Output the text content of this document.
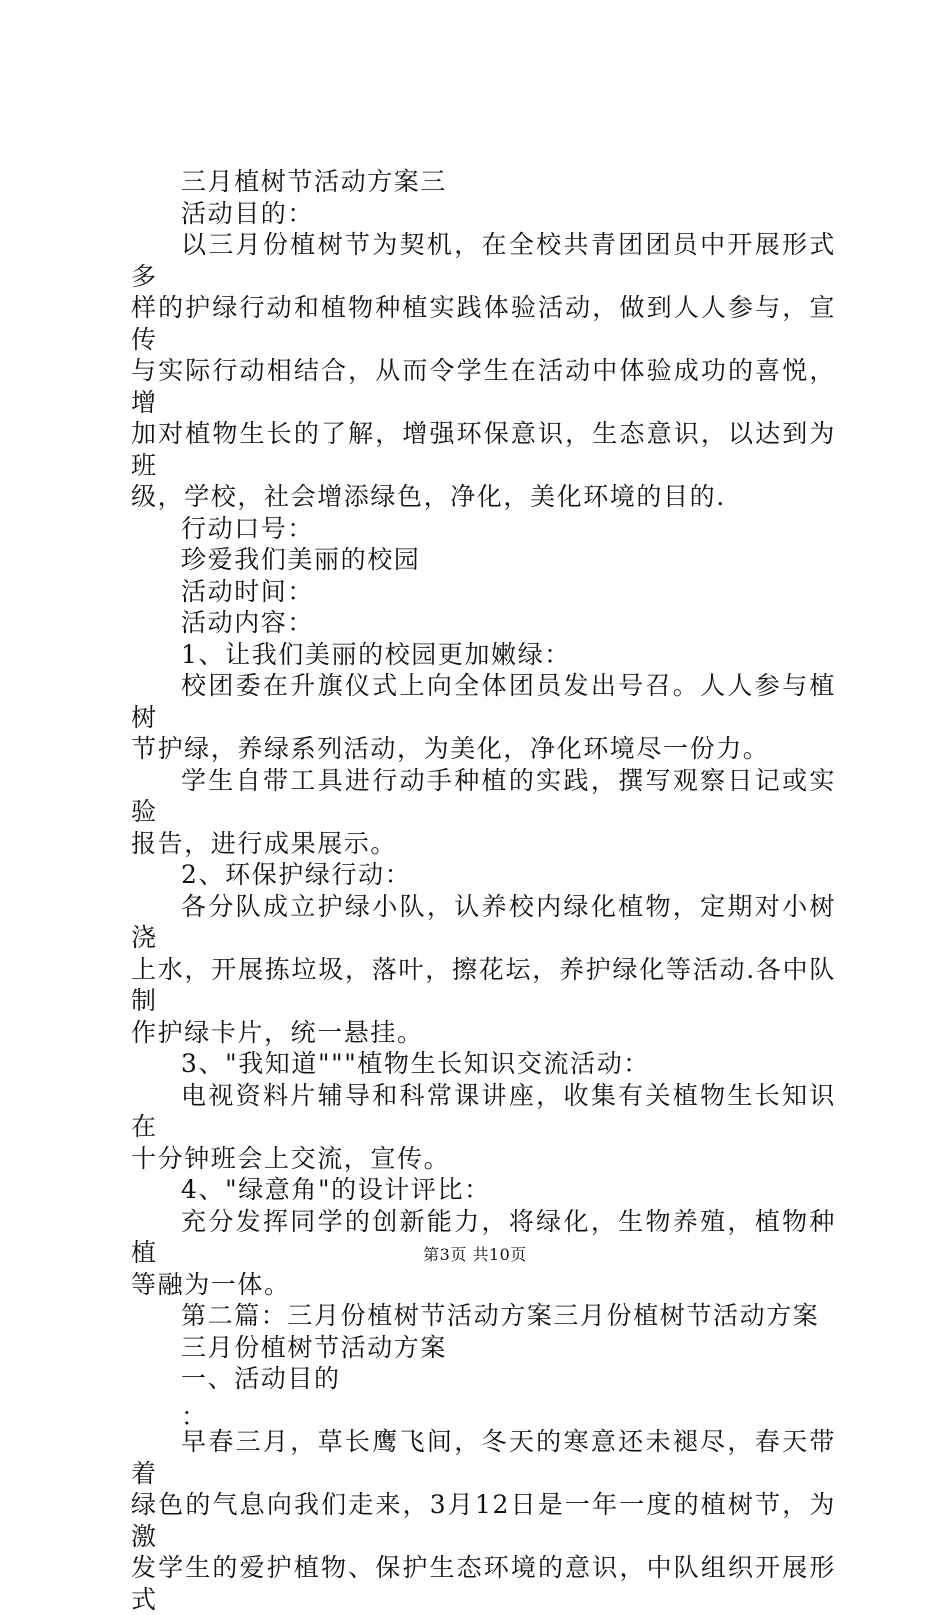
三月植树节活动方案三

活动目的：

以三月份植树节为契机，在全校共青团团员中开展形式多

样的护绿行动和植物种植实践体验活动，做到人人参与，宣传

与实际行动相结合，从而令学生在活动中体验成功的喜悦，增

加对植物生长的了解，增强环保意识，生态意识，以达到为班

级，学校，社会增添绿色，净化，美化环境的目的.

行动口号：

珍爱我们美丽的校园

活动时间：

活动内容：

1、让我们美丽的校园更加嫩绿：

校团委在升旗仪式上向全体团员发出号召。人人参与植树

节护绿，养绿系列活动，为美化，净化环境尽一份力。

学生自带工具进行动手种植的实践，撰写观察日记或实验

报告，进行成果展示。

2、环保护绿行动：

各分队成立护绿小队，认养校内绿化植物，定期对小树浇

上水，开展拣垃圾，落叶，擦花坛，养护绿化等活动.各中队制

作护绿卡片，统一悬挂。

3、"我知道"""植物生长知识交流活动：

电视资料片辅导和科常课讲座，收集有关植物生长知识在

十分钟班会上交流，宣传。

4、"绿意角"的设计评比：

充分发挥同学的创新能力，将绿化，生物养殖，植物种植

等融为一体。

第二篇：三月份植树节活动方案三月份植树节活动方案

三月份植树节活动方案

一、活动目的

：

早春三月，草长鹰飞间，冬天的寒意还未褪尽，春天带着

绿色的气息向我们走来，3月12日是一年一度的植树节，为激

发学生的爱护植物、保护生态环境的意识，中队组织开展形式

第3页 共10页
